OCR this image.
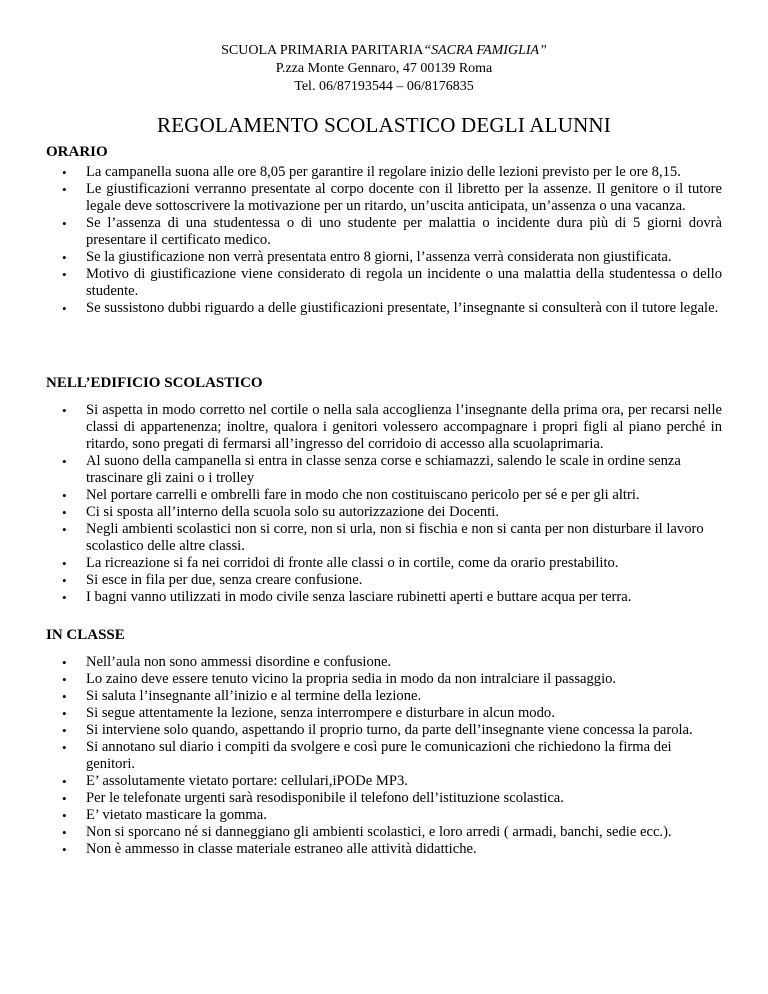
SCUOLA PRIMARIA PARITARIA“SACRA FAMIGLIA”
P.zza Monte Gennaro, 47 00139 Roma
Tel. 06/87193544 – 06/8176835
REGOLAMENTO SCOLASTICO DEGLI ALUNNI
ORARIO
• La campanella suona alle ore 8,05 per garantire il regolare inizio delle lezioni previsto per le ore 8,15.
• Le giustificazioni verranno presentate al corpo docente con il libretto per la assenze. Il genitore o il tutore legale deve sottoscrivere la motivazione per un ritardo, un’uscita anticipata, un’assenza o una vacanza.
• Se l’assenza di una studentessa o di uno studente per malattia o incidente dura più di 5 giorni dovrà presentare il certificato medico.
• Se la giustificazione non verrà presentata entro 8 giorni, l’assenza verrà considerata non giustificata.
• Motivo di giustificazione viene considerato di regola un incidente o una malattia della studentessa o dello studente.
• Se sussistono dubbi riguardo a delle giustificazioni presentate, l’insegnante si consulterà con il tutore legale.
NELL’EDIFICIO SCOLASTICO
• Si aspetta in modo corretto nel cortile o nella sala accoglienza l’insegnante della prima ora, per recarsi nelle classi di appartenenza; inoltre, qualora i genitori volessero accompagnare i propri figli al piano perché in ritardo, sono pregati di fermarsi all’ingresso del corridoio di accesso alla scuolaprimaria.
• Al suono della campanella si entra in classe senza corse e schiamazzi, salendo le scale in ordine senza trascinare gli zaini o i trolley
• Nel portare carrelli e ombrelli fare in modo che non costituiscano pericolo per sé e per gli altri.
• Ci si sposta all’interno della scuola solo su autorizzazione dei Docenti.
• Negli ambienti scolastici non si corre, non si urla, non si fischia e non si canta per non disturbare il lavoro scolastico delle altre classi.
• La ricreazione si fa nei corridoi di fronte alle classi o in cortile, come da orario prestabilito.
• Si esce in fila per due, senza creare confusione.
• I bagni vanno utilizzati in modo civile senza lasciare rubinetti aperti e buttare acqua per terra.
IN CLASSE
• Nell’aula non sono ammessi disordine e confusione.
• Lo zaino deve essere tenuto vicino la propria sedia in modo da non intralciare il passaggio.
• Si saluta l’insegnante all’inizio e al termine della lezione.
• Si segue attentamente la lezione, senza interrompere e disturbare in alcun modo.
• Si interviene solo quando, aspettando il proprio turno, da parte dell’insegnante viene concessa la parola.
• Si annotano sul diario i compiti da svolgere e così pure le comunicazioni che richiedono la firma dei genitori.
• E’ assolutamente vietato portare: cellulari,iPODe MP3.
• Per le telefonate urgenti sarà resodisponibile il telefono dell’istituzione scolastica.
• E’ vietato masticare la gomma.
• Non si sporcano né si danneggiano gli ambienti scolastici, e loro arredi ( armadi, banchi, sedie ecc.).
• Non è ammesso in classe materiale estraneo alle attività didattiche.
